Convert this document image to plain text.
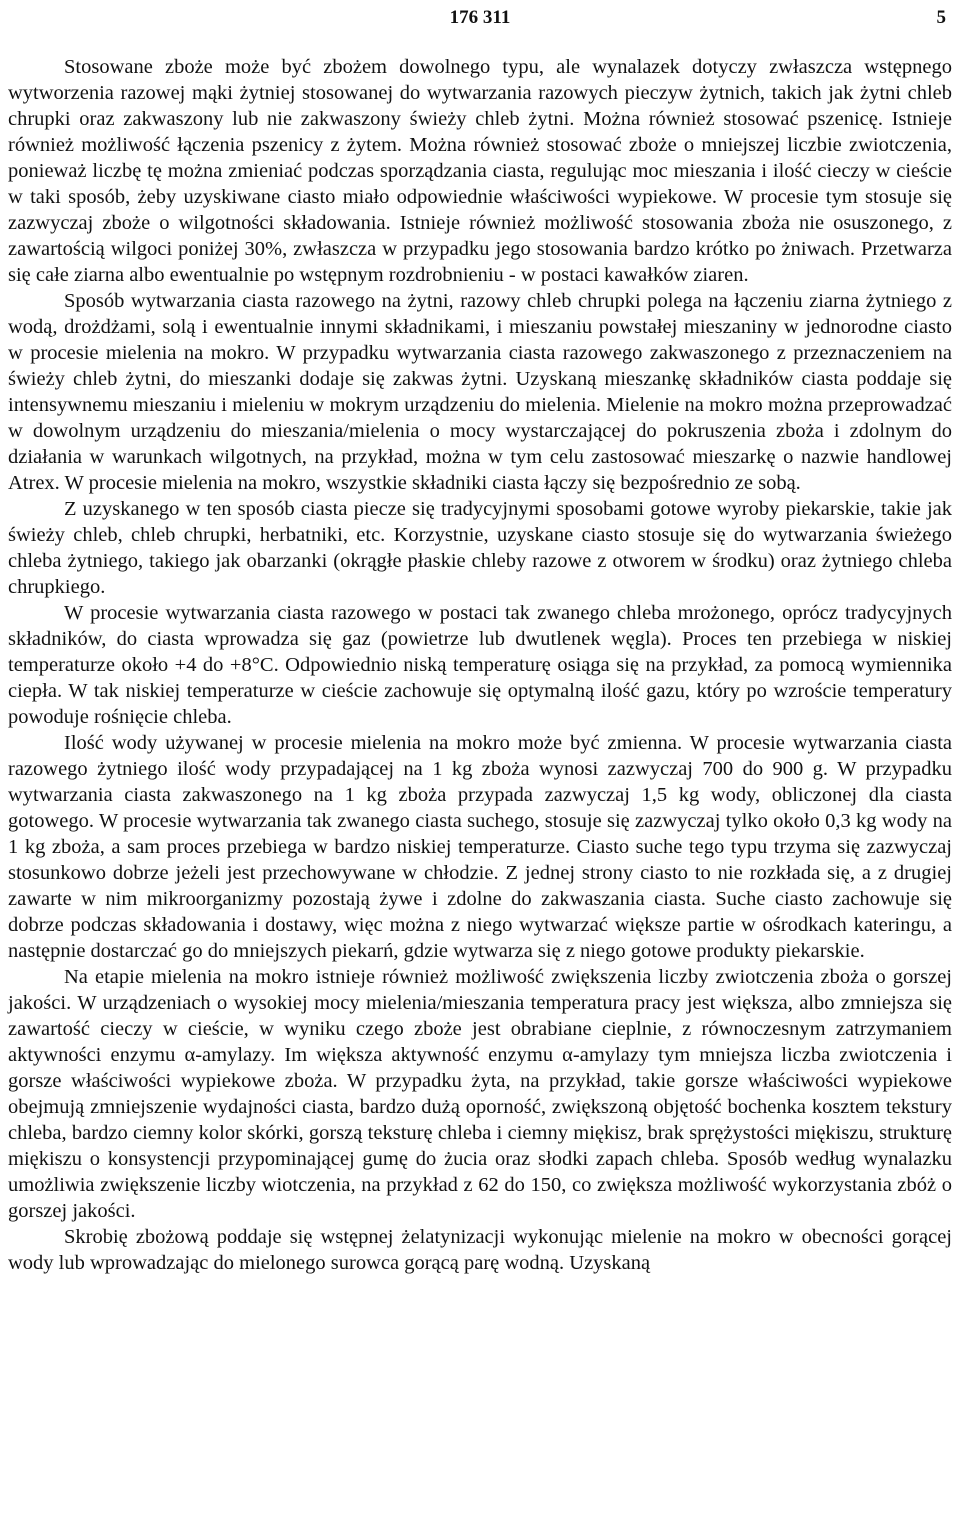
176 311	5

Stosowane zboże może być zbożem dowolnego typu, ale wynalazek dotyczy zwłaszcza wstępnego wytworzenia razowej mąki żytniej stosowanej do wytwarzania razowych pieczyw żytnich, takich jak żytni chleb chrupki oraz zakwaszony lub nie zakwaszony świeży chleb żytni. Można również stosować pszenicę. Istnieje również możliwość łączenia pszenicy z żytem. Można również stosować zboże o mniejszej liczbie zwiotczenia, ponieważ liczbę tę można zmieniać podczas sporządzania ciasta, regulując moc mieszania i ilość cieczy w cieście w taki sposób, żeby uzyskiwane ciasto miało odpowiednie właściwości wypiekowe. W procesie tym stosuje się zazwyczaj zboże o wilgotności składowania. Istnieje również możliwość stosowania zboża nie osuszonego, z zawartością wilgoci poniżej 30%, zwłaszcza w przypadku jego stosowania bardzo krótko po żniwach. Przetwarza się całe ziarna albo ewentualnie po wstępnym rozdrobnieniu - w postaci kawałków ziaren.

Sposób wytwarzania ciasta razowego na żytni, razowy chleb chrupki polega na łączeniu ziarna żytniego z wodą, drożdżami, solą i ewentualnie innymi składnikami, i mieszaniu powstałej mieszaniny w jednorodne ciasto w procesie mielenia na mokro. W przypadku wytwarzania ciasta razowego zakwaszonego z przeznaczeniem na świeży chleb żytni, do mieszanki dodaje się zakwas żytni. Uzyskaną mieszankę składników ciasta poddaje się intensywnemu mieszaniu i mieleniu w mokrym urządzeniu do mielenia. Mielenie na mokro można przeprowadzać w dowolnym urządzeniu do mieszania/mielenia o mocy wystarczającej do pokruszenia zboża i zdolnym do działania w warunkach wilgotnych, na przykład, można w tym celu zastosować mieszarkę o nazwie handlowej Atrex. W procesie mielenia na mokro, wszystkie składniki ciasta łączy się bezpośrednio ze sobą.

Z uzyskanego w ten sposób ciasta piecze się tradycyjnymi sposobami gotowe wyroby piekarskie, takie jak świeży chleb, chleb chrupki, herbatniki, etc. Korzystnie, uzyskane ciasto stosuje się do wytwarzania świeżego chleba żytniego, takiego jak obarzanki (okrągłe płaskie chleby razowe z otworem w środku) oraz żytniego chleba chrupkiego.

W procesie wytwarzania ciasta razowego w postaci tak zwanego chleba mrożonego, oprócz tradycyjnych składników, do ciasta wprowadza się gaz (powietrze lub dwutlenek węgla). Proces ten przebiega w niskiej temperaturze około +4 do +8°C. Odpowiednio niską temperaturę osiąga się na przykład, za pomocą wymiennika ciepła. W tak niskiej temperaturze w cieście zachowuje się optymalną ilość gazu, który po wzroście temperatury powoduje rośnięcie chleba.

Ilość wody używanej w procesie mielenia na mokro może być zmienna. W procesie wytwarzania ciasta razowego żytniego ilość wody przypadającej na 1 kg zboża wynosi zazwyczaj 700 do 900 g. W przypadku wytwarzania ciasta zakwaszonego na 1 kg zboża przypada zazwyczaj 1,5 kg wody, obliczonej dla ciasta gotowego. W procesie wytwarzania tak zwanego ciasta suchego, stosuje się zazwyczaj tylko około 0,3 kg wody na 1 kg zboża, a sam proces przebiega w bardzo niskiej temperaturze. Ciasto suche tego typu trzyma się zazwyczaj stosunkowo dobrze jeżeli jest przechowywane w chłodzie. Z jednej strony ciasto to nie rozkłada się, a z drugiej zawarte w nim mikroorganizmy pozostają żywe i zdolne do zakwaszania ciasta. Suche ciasto zachowuje się dobrze podczas składowania i dostawy, więc można z niego wytwarzać większe partie w ośrodkach kateringu, a następnie dostarczać go do mniejszych piekarń, gdzie wytwarza się z niego gotowe produkty piekarskie.

Na etapie mielenia na mokro istnieje również możliwość zwiększenia liczby zwiotczenia zboża o gorszej jakości. W urządzeniach o wysokiej mocy mielenia/mieszania temperatura pracy jest większa, albo zmniejsza się zawartość cieczy w cieście, w wyniku czego zboże jest obrabiane cieplnie, z równoczesnym zatrzymaniem aktywności enzymu α-amylazy. Im większa aktywność enzymu α-amylazy tym mniejsza liczba zwiotczenia i gorsze właściwości wypiekowe zboża. W przypadku żyta, na przykład, takie gorsze właściwości wypiekowe obejmują zmniejszenie wydajności ciasta, bardzo dużą oporność, zwiększoną objętość bochenka kosztem tekstury chleba, bardzo ciemny kolor skórki, gorszą teksturę chleba i ciemny miękisz, brak sprężystości miękiszu, strukturę miękiszu o konsystencji przypominającej gumę do żucia oraz słodki zapach chleba. Sposób według wynalazku umożliwia zwiększenie liczby wiotczenia, na przykład z 62 do 150, co zwiększa możliwość wykorzystania zbóż o gorszej jakości.

Skrobię zbożową poddaje się wstępnej żelatynizacji wykonując mielenie na mokro w obecności gorącej wody lub wprowadzając do mielonego surowca gorącą parę wodną. Uzyskaną
